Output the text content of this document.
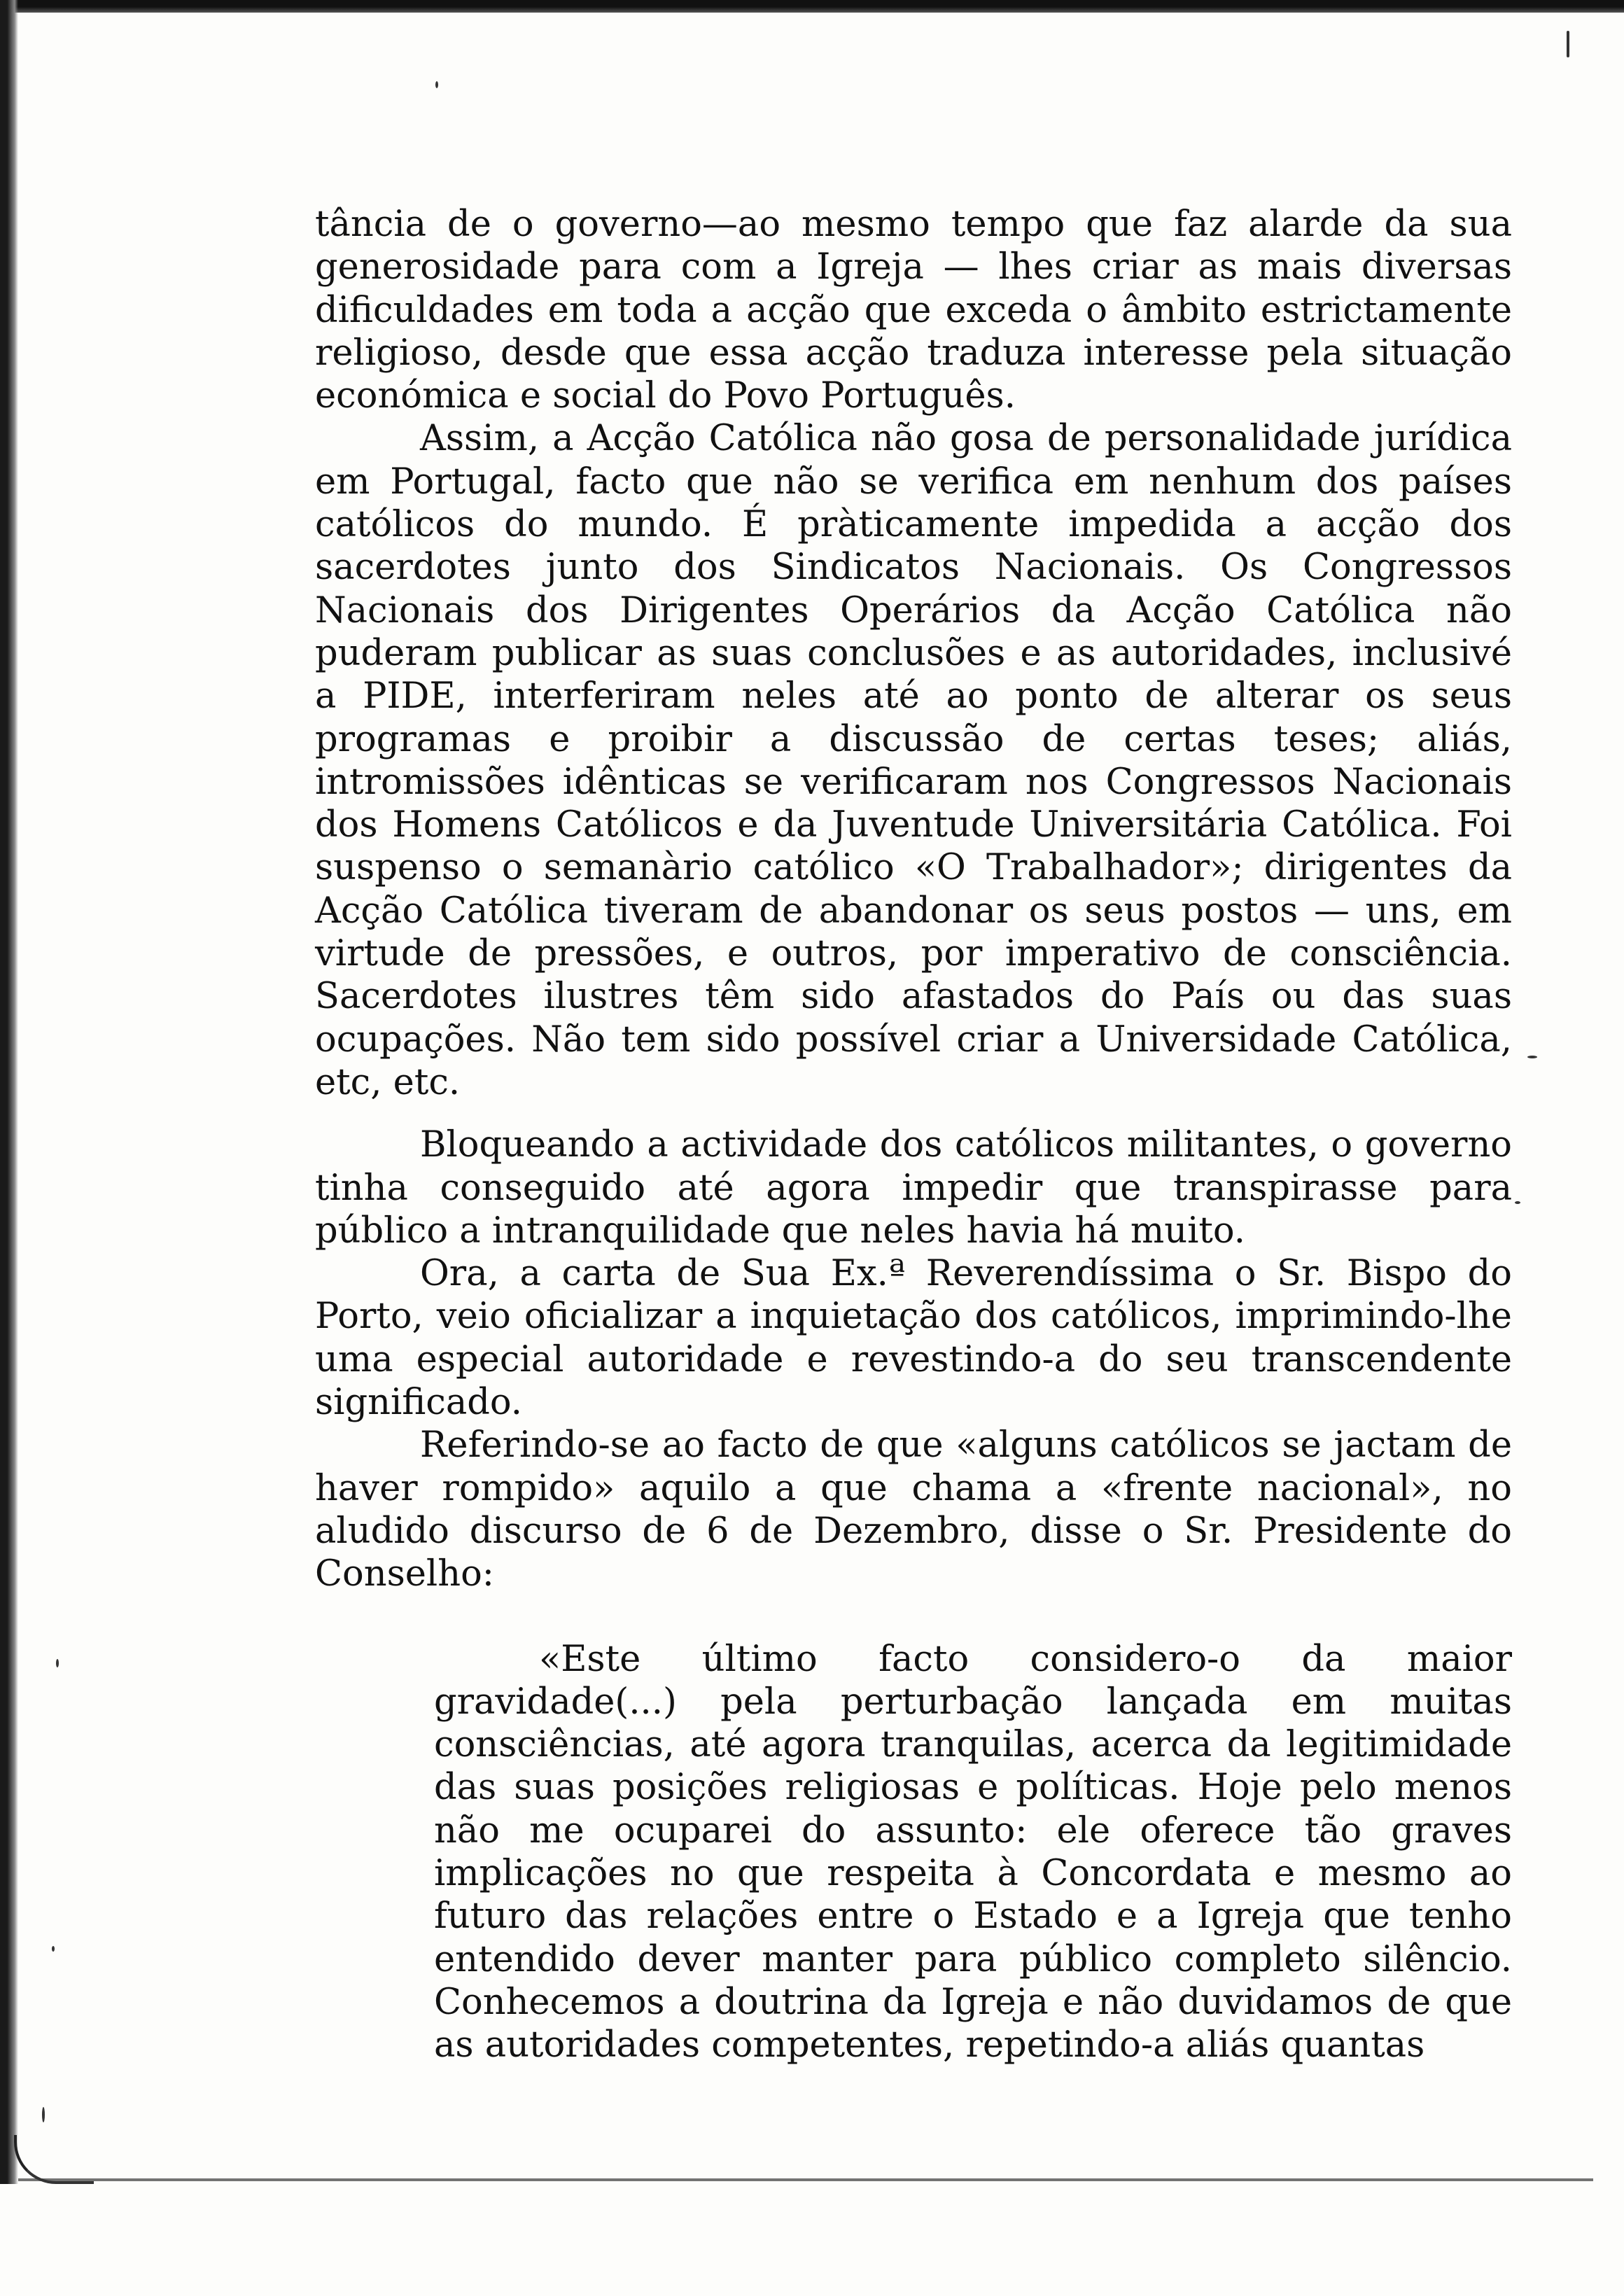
tância de o governo—ao mesmo tempo que faz alarde da sua generosidade para com a Igreja — lhes criar as mais diversas dificuldades em toda a acção que exceda o âmbito estrictamente religioso, desde que essa acção traduza interesse pela situação económica e social do Povo Português.

Assim, a Acção Católica não gosa de personalidade jurídica em Portugal, facto que não se verifica em nenhum dos países católicos do mundo. É pràticamente impedida a acção dos sacerdotes junto dos Sindicatos Nacionais. Os Congressos Nacionais dos Dirigentes Operários da Acção Católica não puderam publicar as suas conclusões e as autoridades, inclusivé a PIDE, interferiram neles até ao ponto de alterar os seus programas e proibir a discussão de certas teses; aliás, intromissões idênticas se verificaram nos Congressos Nacionais dos Homens Católicos e da Juventude Universitária Católica. Foi suspenso o semanàrio católico «O Trabalhador»; dirigentes da Acção Católica tiveram de abandonar os seus postos — uns, em virtude de pressões, e outros, por imperativo de consciência. Sacerdotes ilustres têm sido afastados do País ou das suas ocupações. Não tem sido possível criar a Universidade Católica, etc, etc.

Bloqueando a actividade dos católicos militantes, o governo tinha conseguido até agora impedir que transpirasse para público a intranquilidade que neles havia há muito.

Ora, a carta de Sua Ex.ª Reverendíssima o Sr. Bispo do Porto, veio oficializar a inquietação dos católicos, imprimindo-lhe uma especial autoridade e revestindo-a do seu transcendente significado.

Referindo-se ao facto de que «alguns católicos se jactam de haver rompido» aquilo a que chama a «frente nacional», no aludido discurso de 6 de Dezembro, disse o Sr. Presidente do Conselho:

«Este último facto considero-o da maior gravidade(...) pela perturbação lançada em muitas consciências, até agora tranquilas, acerca da legitimidade das suas posições religiosas e políticas. Hoje pelo menos não me ocuparei do assunto: ele oferece tão graves implicações no que respeita à Concordata e mesmo ao futuro das relações entre o Estado e a Igreja que tenho entendido dever manter para público completo silêncio. Conhecemos a doutrina da Igreja e não duvidamos de que as autoridades competentes, repetindo-a aliás quantas
